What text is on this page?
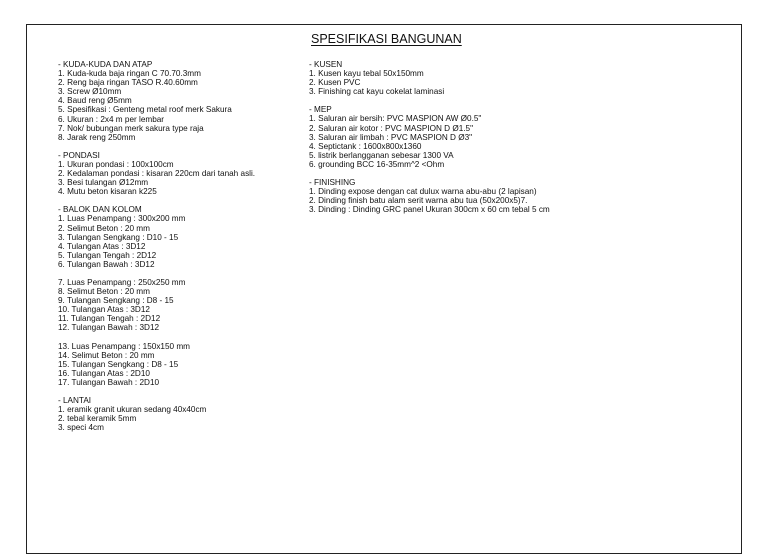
SPESIFIKASI BANGUNAN
- KUDA-KUDA DAN ATAP
1. Kuda-kuda baja ringan C 70.70.3mm
2. Reng baja ringan TASO R.40.60mm
3. Screw Ø10mm
4. Baud reng Ø5mm
5. Spesifikasi : Genteng metal roof merk Sakura
6. Ukuran : 2x4 m per lembar
7. Nok/ bubungan merk sakura type raja
8. Jarak reng 250mm
- PONDASI
1. Ukuran pondasi : 100x100cm
2. Kedalaman pondasi : kisaran 220cm dari tanah asli.
3. Besi tulangan Ø12mm
4. Mutu beton kisaran k225
- BALOK DAN KOLOM
1. Luas Penampang : 300x200 mm
2. Selimut Beton : 20 mm
3. Tulangan Sengkang : D10 - 15
4. Tulangan Atas : 3D12
5. Tulangan Tengah : 2D12
6. Tulangan Bawah : 3D12
7. Luas Penampang : 250x250 mm
8. Selimut Beton : 20 mm
9. Tulangan Sengkang : D8 - 15
10. Tulangan Atas : 3D12
11. Tulangan Tengah : 2D12
12. Tulangan Bawah : 3D12
13. Luas Penampang : 150x150 mm
14. Selimut Beton : 20 mm
15. Tulangan Sengkang : D8 - 15
16. Tulangan Atas : 2D10
17. Tulangan Bawah : 2D10
- LANTAI
1. eramik granit ukuran sedang 40x40cm
2. tebal keramik 5mm
3. speci 4cm
- KUSEN
1. Kusen kayu tebal 50x150mm
2. Kusen PVC
3. Finishing cat kayu cokelat laminasi
- MEP
1. Saluran air bersih: PVC MASPION AW Ø0.5"
2. Saluran air kotor : PVC MASPION D Ø1.5"
3. Saluran air limbah : PVC MASPION D Ø3"
4. Septictank : 1600x800x1360
5. listrik berlangganan sebesar 1300 VA
6. grounding BCC 16-35mm^2 <Ohm
- FINISHING
1. Dinding expose dengan cat dulux warna abu-abu (2 lapisan)
2. Dinding finish batu alam serit warna abu tua (50x200x5)7.
3. Dinding : Dinding GRC panel Ukuran 300cm x 60 cm tebal 5 cm
